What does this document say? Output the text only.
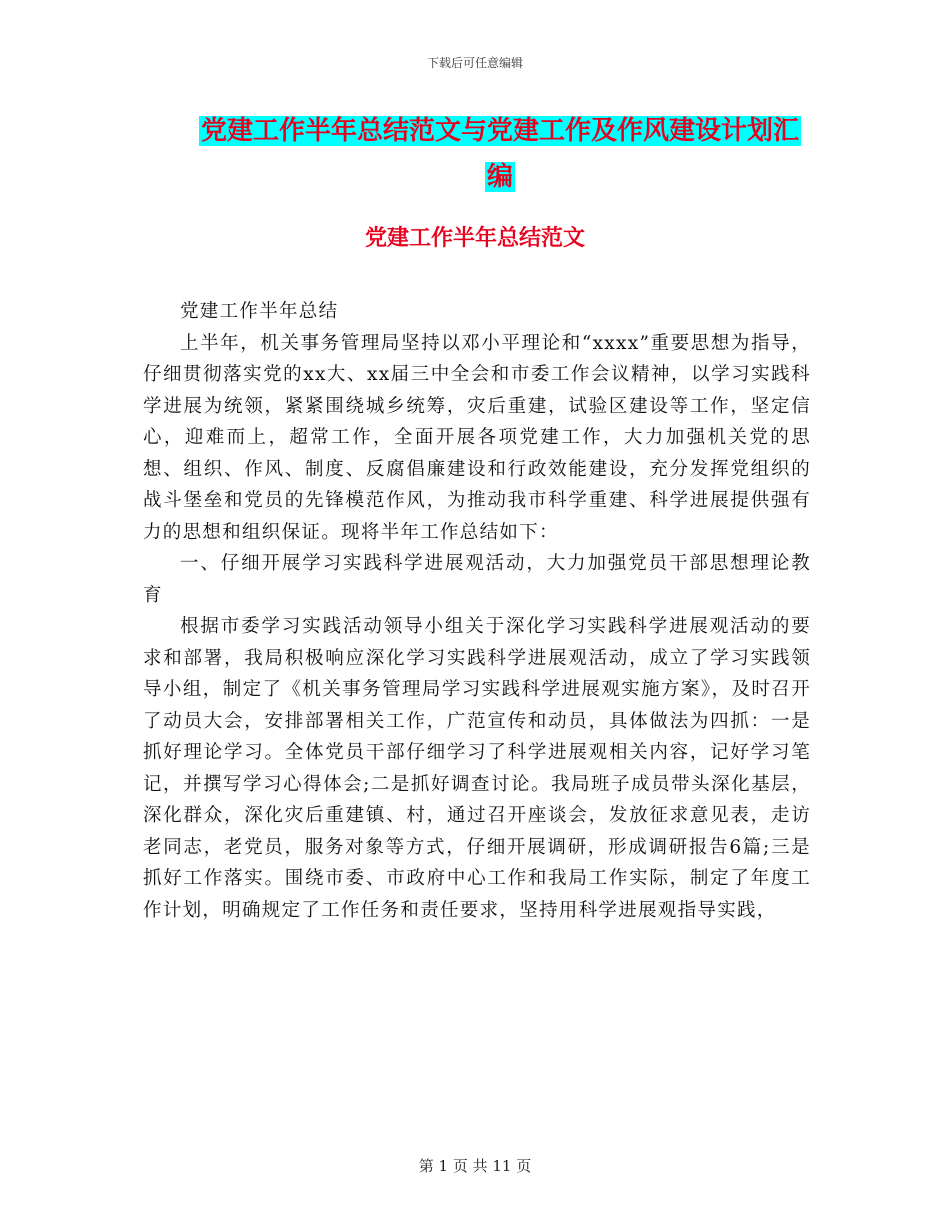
下载后可任意编辑
党建工作半年总结范文与党建工作及作风建设计划汇
编
党建工作半年总结范文

党建工作半年总结

上半年，机关事务管理局坚持以邓小平理论和“xxxx”重要思想为指导，仔细贯彻落实党的xx大、xx届三中全会和市委工作会议精神，以学习实践科学进展为统领，紧紧围绕城乡统筹，灾后重建，试验区建设等工作，坚定信心，迎难而上，超常工作，全面开展各项党建工作，大力加强机关党的思想、组织、作风、制度、反腐倡廉建设和行政效能建设，充分发挥党组织的战斗堡垒和党员的先锋模范作风，为推动我市科学重建、科学进展提供强有力的思想和组织保证。现将半年工作总结如下：

一、仔细开展学习实践科学进展观活动，大力加强党员干部思想理论教育

根据市委学习实践活动领导小组关于深化学习实践科学进展观活动的要求和部署，我局积极响应深化学习实践科学进展观活动，成立了学习实践领导小组，制定了《机关事务管理局学习实践科学进展观实施方案》，及时召开了动员大会，安排部署相关工作，广范宣传和动员，具体做法为四抓：一是抓好理论学习。全体党员干部仔细学习了科学进展观相关内容，记好学习笔记，并撰写学习心得体会;二是抓好调查讨论。我局班子成员带头深化基层，深化群众，深化灾后重建镇、村，通过召开座谈会，发放征求意见表，走访老同志，老党员，服务对象等方式，仔细开展调研，形成调研报告6篇;三是抓好工作落实。围绕市委、市政府中心工作和我局工作实际，制定了年度工作计划，明确规定了工作任务和责任要求，坚持用科学进展观指导实践，

第 1 页 共 11 页
